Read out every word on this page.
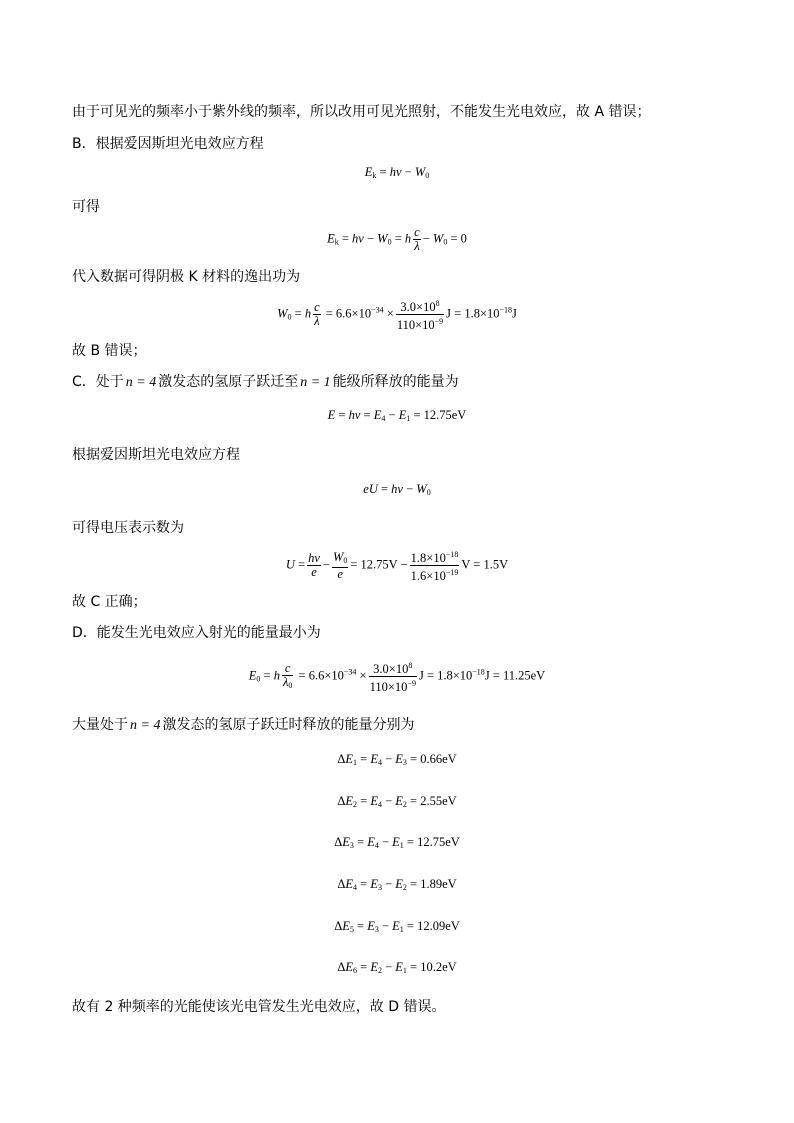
由于可见光的频率小于紫外线的频率，所以改用可见光照射，不能发生光电效应，故 A 错误；
B．根据爱因斯坦光电效应方程
$E_k = h\nu - W_0$
可得
$E_k = h\nu - W_0 = h \frac{c}{\lambda} - W_0 = 0$
代入数据可得阴极 K 材料的逸出功为
$W_0 = h \frac{c}{\lambda} = 6.6\times 10^{-34} \times \frac{3.0\times 10^8}{110\times 10^{-9}}$ $J = 1.8\times 10^{-18}J$
故 B 错误；
C．处于 n = 4 激发态的氢原子跃迁至 n = 1 能级所释放的能量为
$E = h\nu = E_4 - E_1 = 12.75eV$
根据爱因斯坦光电效应方程
eU = $h\nu - W_0$
可得电压表示数为
$U = \frac{h\nu}{e} - \frac{W_0}{e} = 12.75V - \frac{1.8\times 10^{-18}}{1.6\times 10^{-19}}$ V = 1.5V
故 C 正确；
D．能发生光电效应入射光的能量最小为
$E_0 = h \frac{c}{\lambda_0} = 6.6\times 10^{-34} \times \frac{3.0\times 10^8}{110\times 10^{-9}}$ $J = 1.8\times 10^{-18}J = 11.25eV$
大量处于 n = 4 激发态的氢原子跃迁时释放的能量分别为
$\Delta E_1 = E_4 - E_3 = 0.66eV$
$\Delta E_2 = E_4 - E_2 = 2.55eV$
$\Delta E_3 = E_4 - E_1 = 12.75eV$
$\Delta E_4 = E_3 - E_2 = 1.89eV$
$\Delta E_5 = E_3 - E_1 = 12.09eV$
$\Delta E_6 = E_2 - E_1 = 10.2eV$
故有 2 种频率的光能使该光电管发生光电效应，故 D 错误。
